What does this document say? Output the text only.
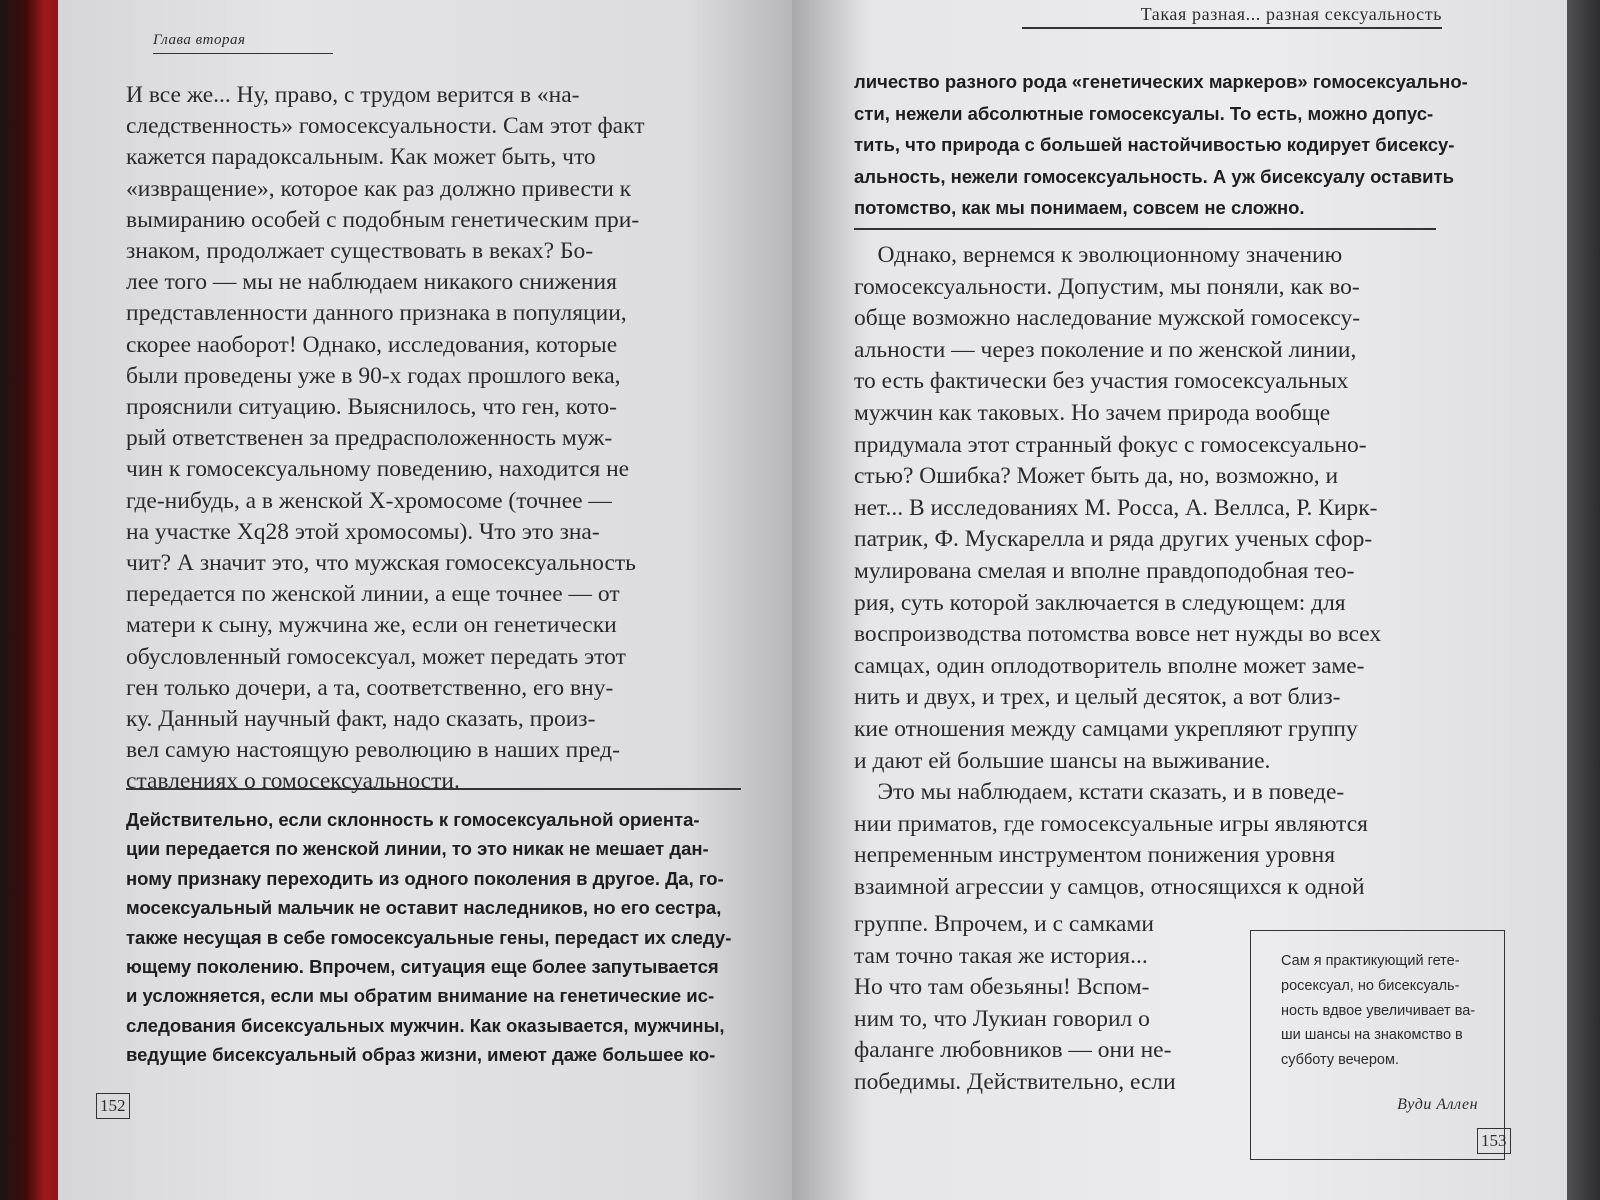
Глава вторая

И все же... Ну, право, с трудом верится в «на-
следственность» гомосексуальности. Сам этот факт
кажется парадоксальным. Как может быть, что
«извращение», которое как раз должно привести к
вымиранию особей с подобным генетическим при-
знаком, продолжает существовать в веках? Бо-
лее того — мы не наблюдаем никакого снижения
представленности данного признака в популяции,
скорее наоборот! Однако, исследования, которые
были проведены уже в 90-х годах прошлого века,
прояснили ситуацию. Выяснилось, что ген, кото-
рый ответственен за предрасположенность муж-
чин к гомосексуальному поведению, находится не
где-нибудь, а в женской X-хромосоме (точнее —
на участке Xq28 этой хромосомы). Что это зна-
чит? А значит это, что мужская гомосексуальность
передается по женской линии, а еще точнее — от
матери к сыну, мужчина же, если он генетически
обусловленный гомосексуал, может передать этот
ген только дочери, а та, соответственно, его вну-
ку. Данный научный факт, надо сказать, произ-
вел самую настоящую революцию в наших пред-
ставлениях о гомосексуальности.

Действительно, если склонность к гомосексуальной ориента-
ции передается по женской линии, то это никак не мешает дан-
ному признаку переходить из одного поколения в другое. Да, го-
мосексуальный мальчик не оставит наследников, но его сестра,
также несущая в себе гомосексуальные гены, передаст их следу-
ющему поколению. Впрочем, ситуация еще более запутывается
и усложняется, если мы обратим внимание на генетические ис-
следования бисексуальных мужчин. Как оказывается, мужчины,
ведущие бисексуальный образ жизни, имеют даже большее ко-

152
Такая разная... разная сексуальность

личество разного рода «генетических маркеров» гомосексуально-
сти, нежели абсолютные гомосексуалы. То есть, можно допус-
тить, что природа с большей настойчивостью кодирует бисексу-
альность, нежели гомосексуальность. А уж бисексуалу оставить
потомство, как мы понимаем, совсем не сложно.

Однако, вернемся к эволюционному значению
гомосексуальности. Допустим, мы поняли, как во-
обще возможно наследование мужской гомосексу-
альности — через поколение и по женской линии,
то есть фактически без участия гомосексуальных
мужчин как таковых. Но зачем природа вообще
придумала этот странный фокус с гомосексуально-
стью? Ошибка? Может быть да, но, возможно, и
нет... В исследованиях М. Росса, А. Веллса, Р. Кирк-
патрик, Ф. Мускарелла и ряда других ученых сфор-
мулирована смелая и вполне правдоподобная тео-
рия, суть которой заключается в следующем: для
воспроизводства потомства вовсе нет нужды во всех
самцах, один оплодотворитель вполне может заме-
нить и двух, и трех, и целый десяток, а вот близ-
кие отношения между самцами укрепляют группу
и дают ей большие шансы на выживание.
Это мы наблюдаем, кстати сказать, и в поведе-
нии приматов, где гомосексуальные игры являются
непременным инструментом понижения уровня
взаимной агрессии у самцов, относящихся к одной

группе. Впрочем, и с самками
там точно такая же история...
Но что там обезьяны! Вспом-
ним то, что Лукиан говорил о
фаланге любовников — они не-
победимы. Действительно, если

Сам я практикующий гете-
росексуал, но бисексуаль-
ность вдвое увеличивает ва-
ши шансы на знакомство в
субботу вечером.

Вуди Аллен
153
